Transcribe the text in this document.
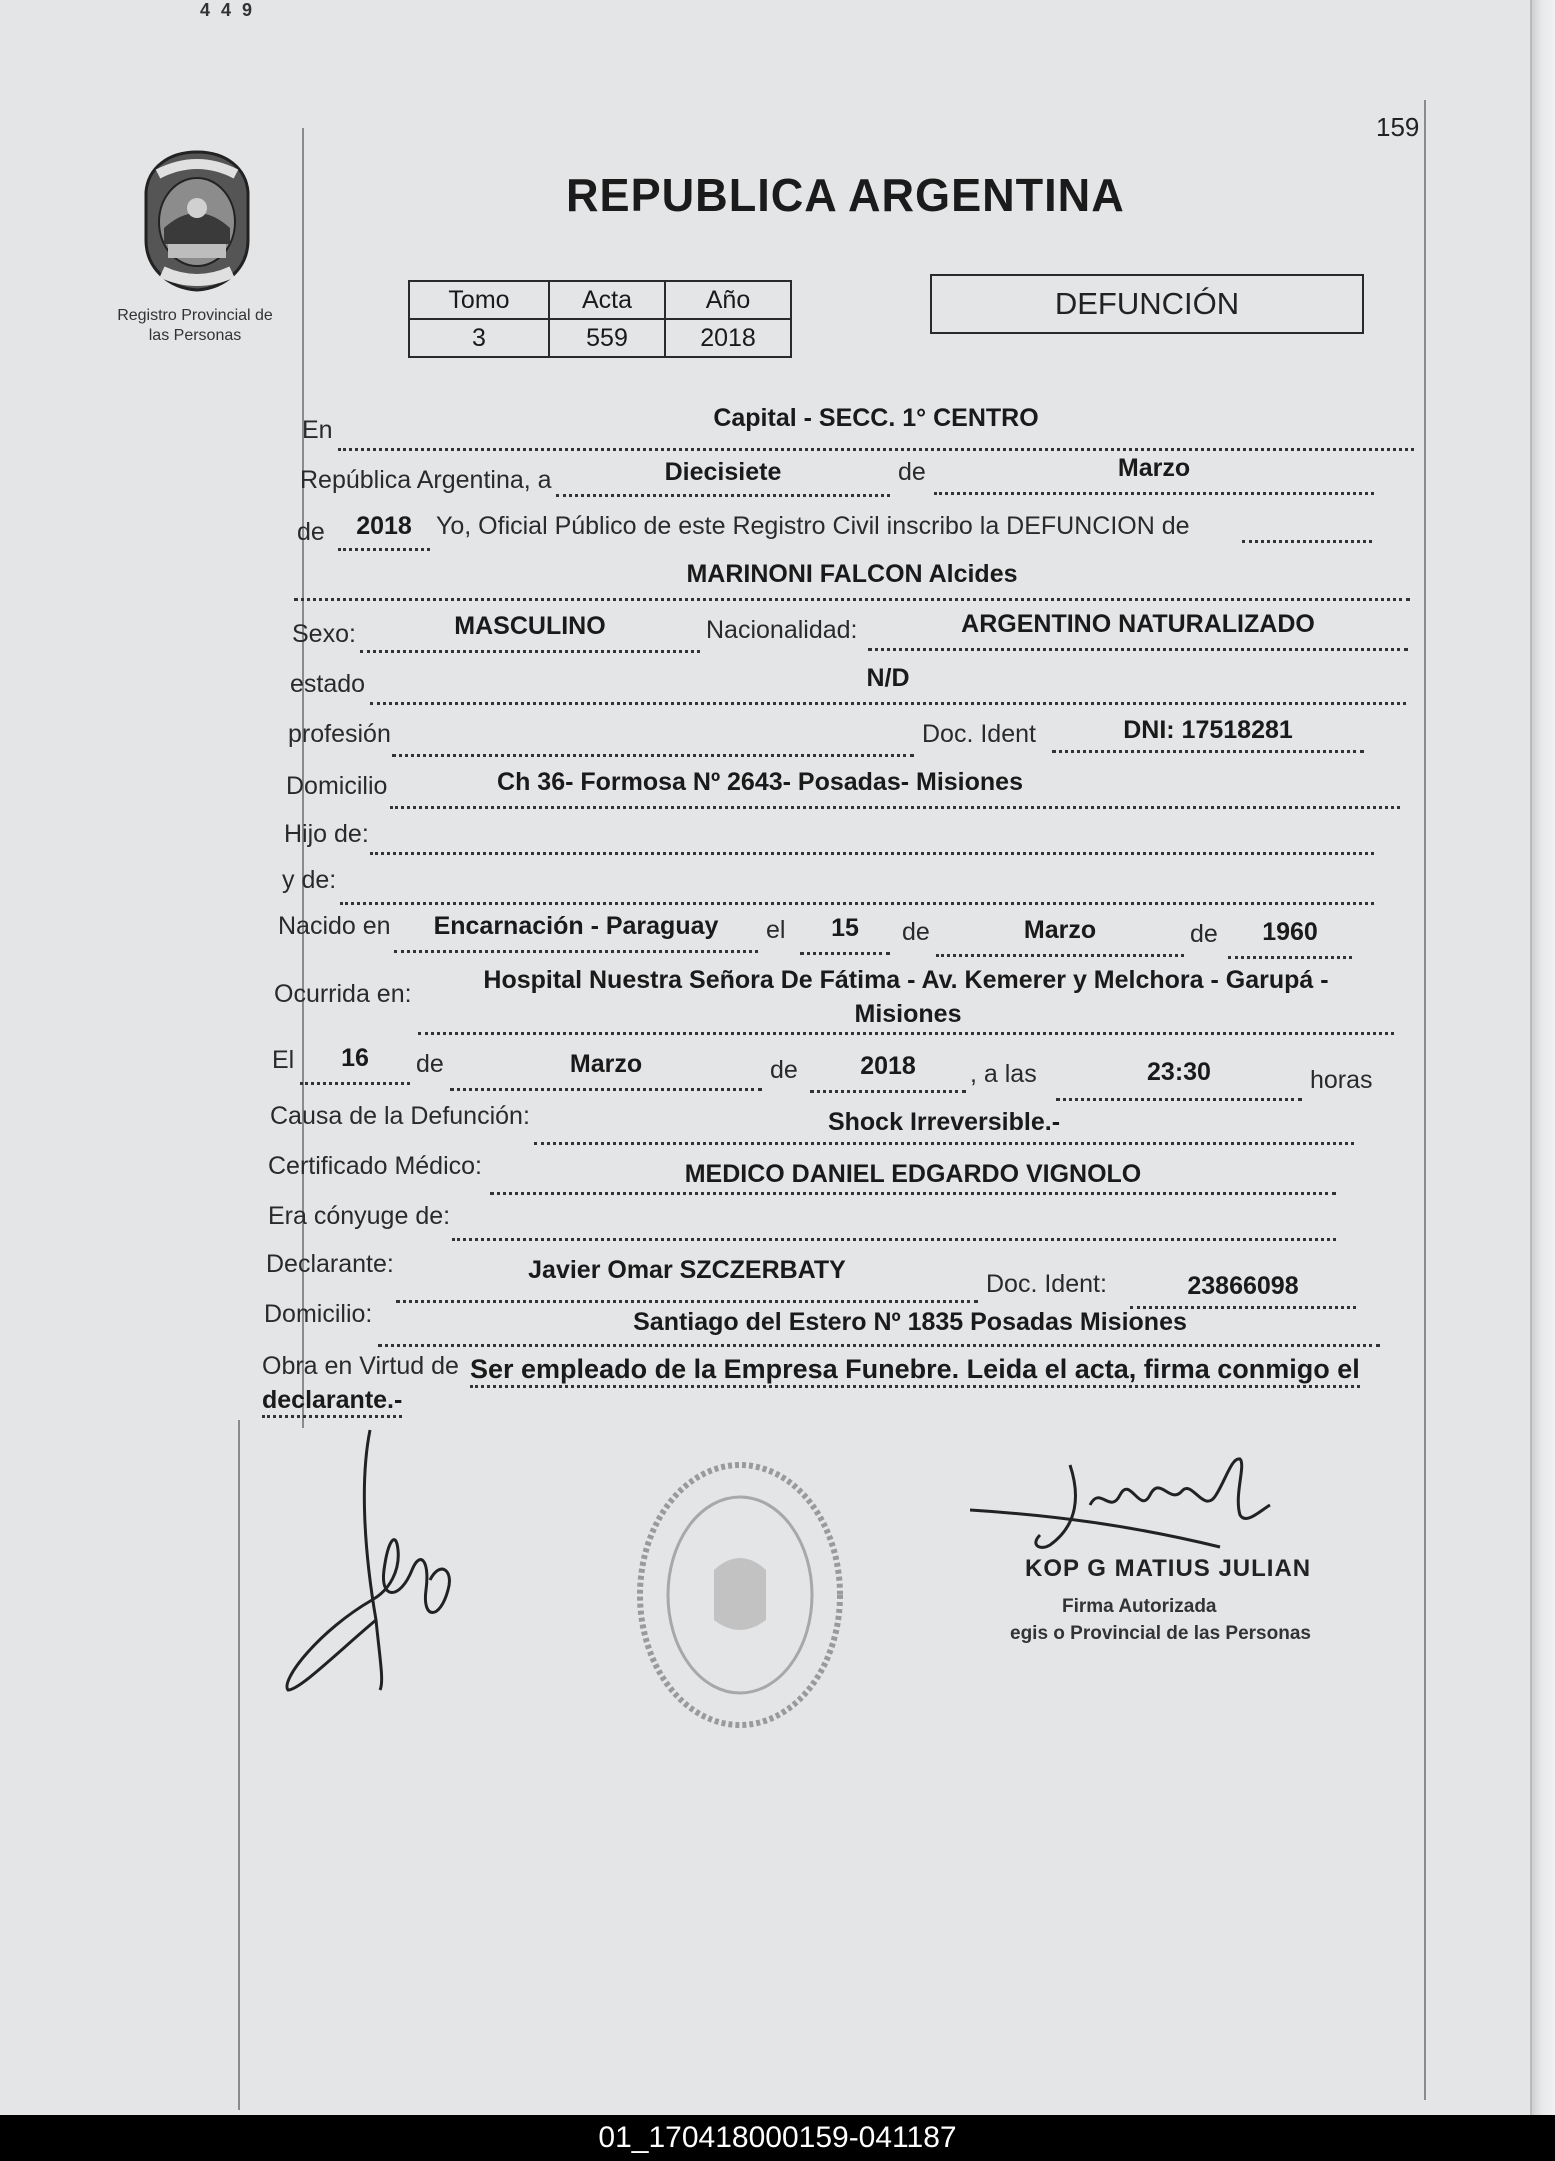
4 4 9
159
Registro Provincial de
las Personas
REPUBLICA ARGENTINA
Tomo	Acta	Año
3	559	2018
DEFUNCIÓN
En	Capital - SECC. 1° CENTRO
República Argentina, a	Diecisiete	de	Marzo
de	2018 Yo, Oficial Público de este Registro Civil inscribo la DEFUNCION de
MARINONI FALCON Alcides
Sexo:	MASCULINO	Nacionalidad:	ARGENTINO NATURALIZADO
estado	N/D
profesión	Doc. Ident	DNI: 17518281
Domicilio	Ch 36- Formosa Nº 2643- Posadas- Misiones
Hijo de:
y de:
Nacido en	Encarnación - Paraguay	el	15	de	Marzo	de	1960
Ocurrida en:	Hospital Nuestra Señora De Fátima - Av. Kemerer y Melchora - Garupá -
Misiones
El	16	de	Marzo	de	2018	, a las	23:30	horas
Causa de la Defunción:	Shock Irreversible.-
Certificado Médico:	MEDICO DANIEL EDGARDO VIGNOLO
Era cónyuge de:
Declarante:	Javier Omar SZCZERBATY	Doc. Ident:	23866098
Domicilio:	Santiago del Estero Nº 1835 Posadas Misiones
Obra en Virtud de Ser empleado de la Empresa Funebre. Leida el acta, firma conmigo el
declarante.-
KOP G MATIUS JULIAN
Firma Autorizada
egis o Provincial de las Personas
01_170418000159-041187
